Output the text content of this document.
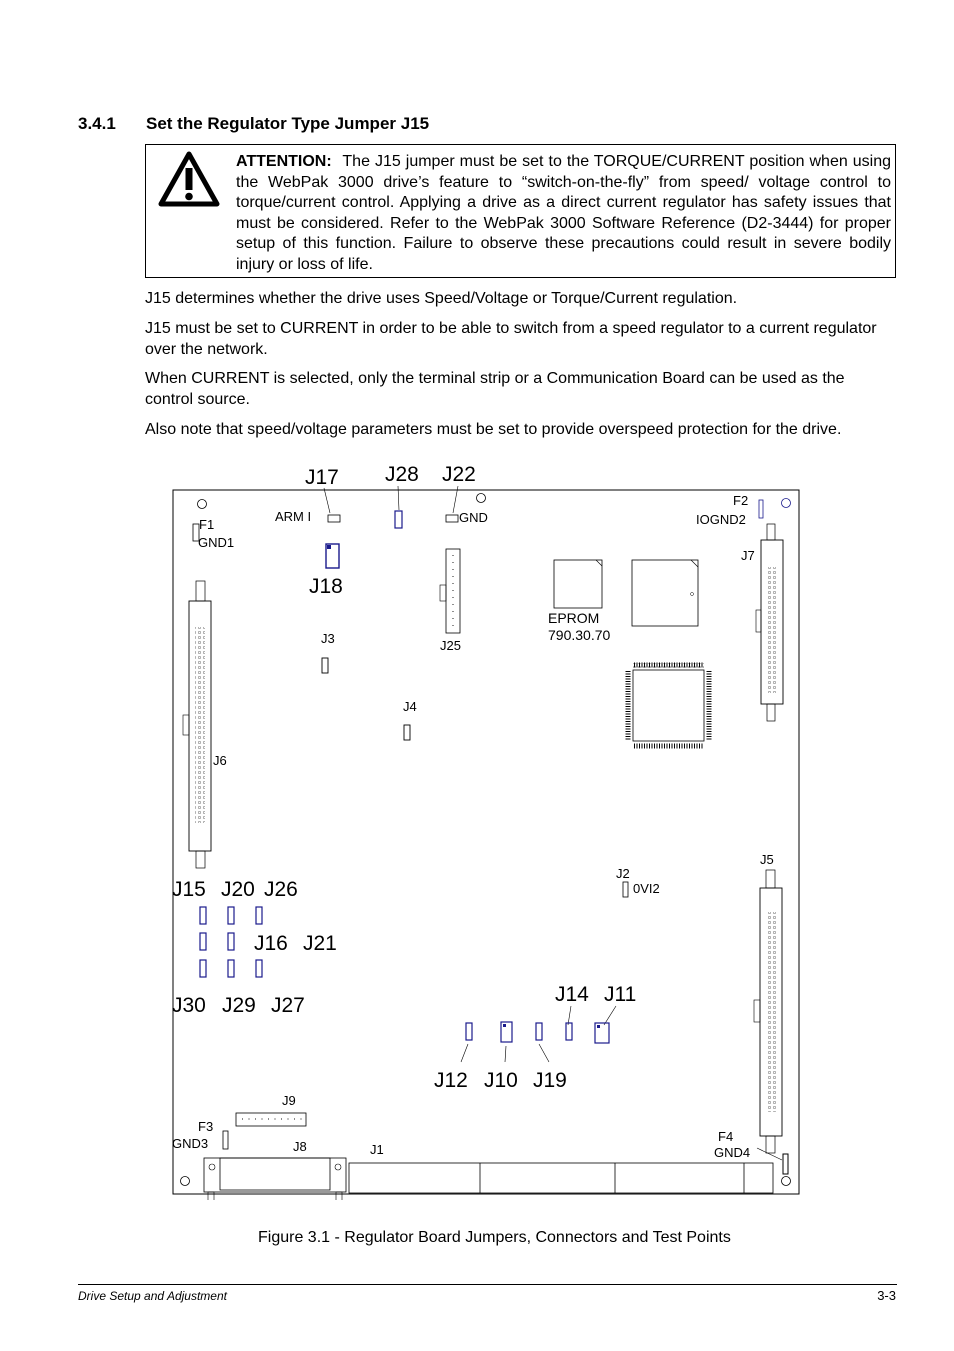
3.4.1 Set the Regulator Type Jumper J15
ATTENTION: The J15 jumper must be set to the TORQUE/CURRENT position when using the WebPak 3000 drive’s feature to “switch-on-the-fly” from speed/ voltage control to torque/current control. Applying a drive as a direct current regulator has safety issues that must be considered. Refer to the WebPak 3000 Software Reference (D2-3444) for proper setup of this function. Failure to observe these precautions could result in severe bodily injury or loss of life.
J15 determines whether the drive uses Speed/Voltage or Torque/Current regulation.
J15 must be set to CURRENT in order to be able to switch from a speed regulator to a current regulator over the network.
When CURRENT is selected, only the terminal strip or a Communication Board can be used as the control source.
Also note that speed/voltage parameters must be set to provide overspeed protection for the drive.
J17 J28 J22
ARM I	GND
F1
GND1
F2
IOGND2
J18
J25
J3
J4
EPROM
790.30.70
J7
J6
J15 J20 J26
J16 J21
J30 J29 J27
J2
0VI2
J5
J14 J11
J12 J10 J19
J9
F3
GND3	J8	J1
F4
GND4
Figure 3.1 - Regulator Board Jumpers, Connectors and Test Points
Drive Setup and Adjustment	3-3
